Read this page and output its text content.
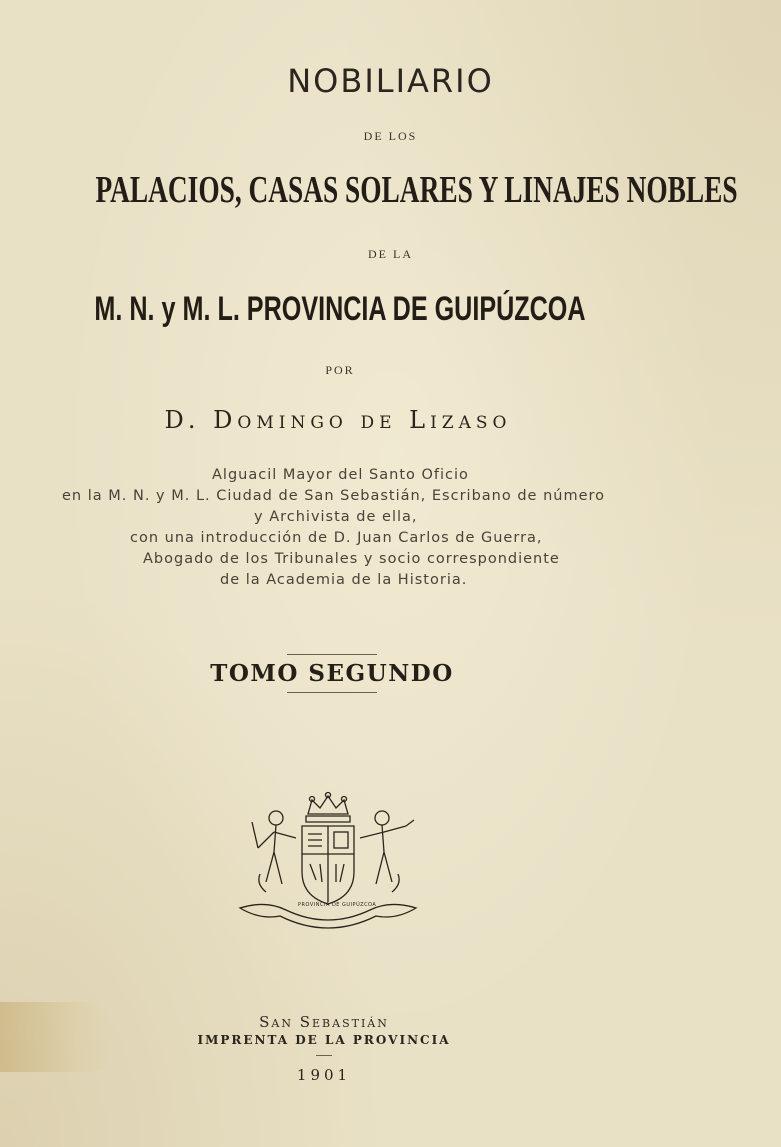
NOBILIARIO
DE LOS
PALACIOS, CASAS SOLARES Y LINAJES NOBLES
DE LA
M. N. y M. L. PROVINCIA DE GUIPÚZCOA
POR
D. Domingo de Lizaso
Alguacil Mayor del Santo Oficio
en la M. N. y M. L. Ciudad de San Sebastián, Escribano de número
y Archivista de ella,
con una introducción de D. Juan Carlos de Guerra,
Abogado de los Tribunales y socio correspondiente
de la Academia de la Historia.
TOMO SEGUNDO
PROVINCIA DE GUIPÚZCOA
San Sebastián
IMPRENTA DE LA PROVINCIA
1901
